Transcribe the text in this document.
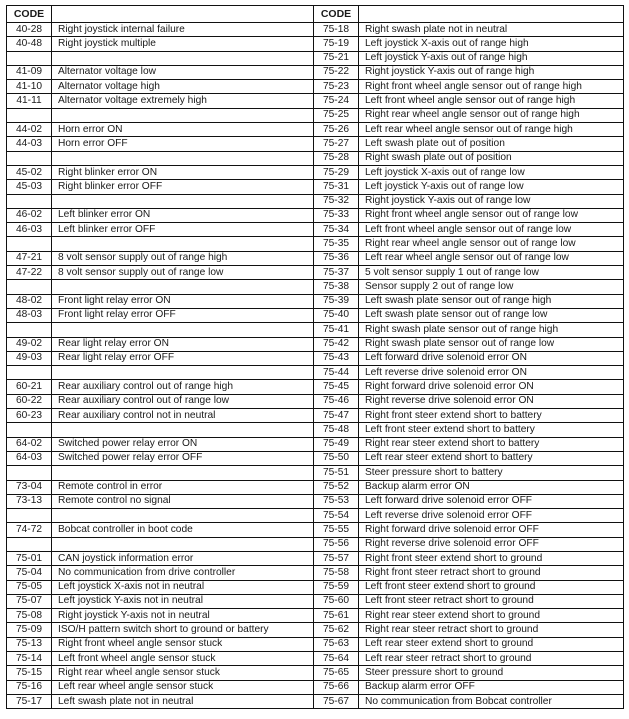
CODE	
40-28	Right joystick internal failure
40-48	Right joystick multiple

41-09	Alternator voltage low
41-10	Alternator voltage high
41-11	Alternator voltage extremely high

44-02	Horn error ON
44-03	Horn error OFF

45-02	Right blinker error ON
45-03	Right blinker error OFF

46-02	Left blinker error ON
46-03	Left blinker error OFF

47-21	8 volt sensor supply out of range high
47-22	8 volt sensor supply out of range low

48-02	Front light relay error ON
48-03	Front light relay error OFF

49-02	Rear light relay error ON
49-03	Rear light relay error OFF

60-21	Rear auxiliary control out of range high
60-22	Rear auxiliary control out of range low
60-23	Rear auxiliary control not in neutral

64-02	Switched power relay error ON
64-03	Switched power relay error OFF

73-04	Remote control in error
73-13	Remote control no signal

74-72	Bobcat controller in boot code

75-01	CAN joystick information error
75-04	No communication from drive controller
75-05	Left joystick X-axis not in neutral
75-07	Left joystick Y-axis not in neutral
75-08	Right joystick Y-axis not in neutral
75-09	ISO/H pattern switch short to ground or battery
75-13	Right front wheel angle sensor stuck
75-14	Left front wheel angle sensor stuck
75-15	Right rear wheel angle sensor stuck
75-16	Left rear wheel angle sensor stuck
75-17	Left swash plate not in neutral
CODE	
75-18	Right swash plate not in neutral
75-19	Left joystick X-axis out of range high
75-21	Left joystick Y-axis out of range high
75-22	Right joystick Y-axis out of range high
75-23	Right front wheel angle sensor out of range high
75-24	Left front wheel angle sensor out of range high
75-25	Right rear wheel angle sensor out of range high
75-26	Left rear wheel angle sensor out of range high
75-27	Left swash plate out of position
75-28	Right swash plate out of position
75-29	Left joystick X-axis out of range low
75-31	Left joystick Y-axis out of range low
75-32	Right joystick Y-axis out of range low
75-33	Right front wheel angle sensor out of range low
75-34	Left front wheel angle sensor out of range low
75-35	Right rear wheel angle sensor out of range low
75-36	Left rear wheel angle sensor out of range low
75-37	5 volt sensor supply 1 out of range low
75-38	Sensor supply 2 out of range low
75-39	Left swash plate sensor out of range high
75-40	Left swash plate sensor out of range low
75-41	Right swash plate sensor out of range high
75-42	Right swash plate sensor out of range low
75-43	Left forward drive solenoid error ON
75-44	Left reverse drive solenoid error ON
75-45	Right forward drive solenoid error ON
75-46	Right reverse drive solenoid error ON
75-47	Right front steer extend short to battery
75-48	Left front steer extend short to battery
75-49	Right rear steer extend short to battery
75-50	Left rear steer extend short to battery
75-51	Steer pressure short to battery
75-52	Backup alarm error ON
75-53	Left forward drive solenoid error OFF
75-54	Left reverse drive solenoid error OFF
75-55	Right forward drive solenoid error OFF
75-56	Right reverse drive solenoid error OFF
75-57	Right front steer extend short to ground
75-58	Right front steer retract short to ground
75-59	Left front steer extend short to ground
75-60	Left front steer retract short to ground
75-61	Right rear steer extend short to ground
75-62	Right rear steer retract short to ground
75-63	Left rear steer extend short to ground
75-64	Left rear steer retract short to ground
75-65	Steer pressure short to ground
75-66	Backup alarm error OFF
75-67	No communication from Bobcat controller
